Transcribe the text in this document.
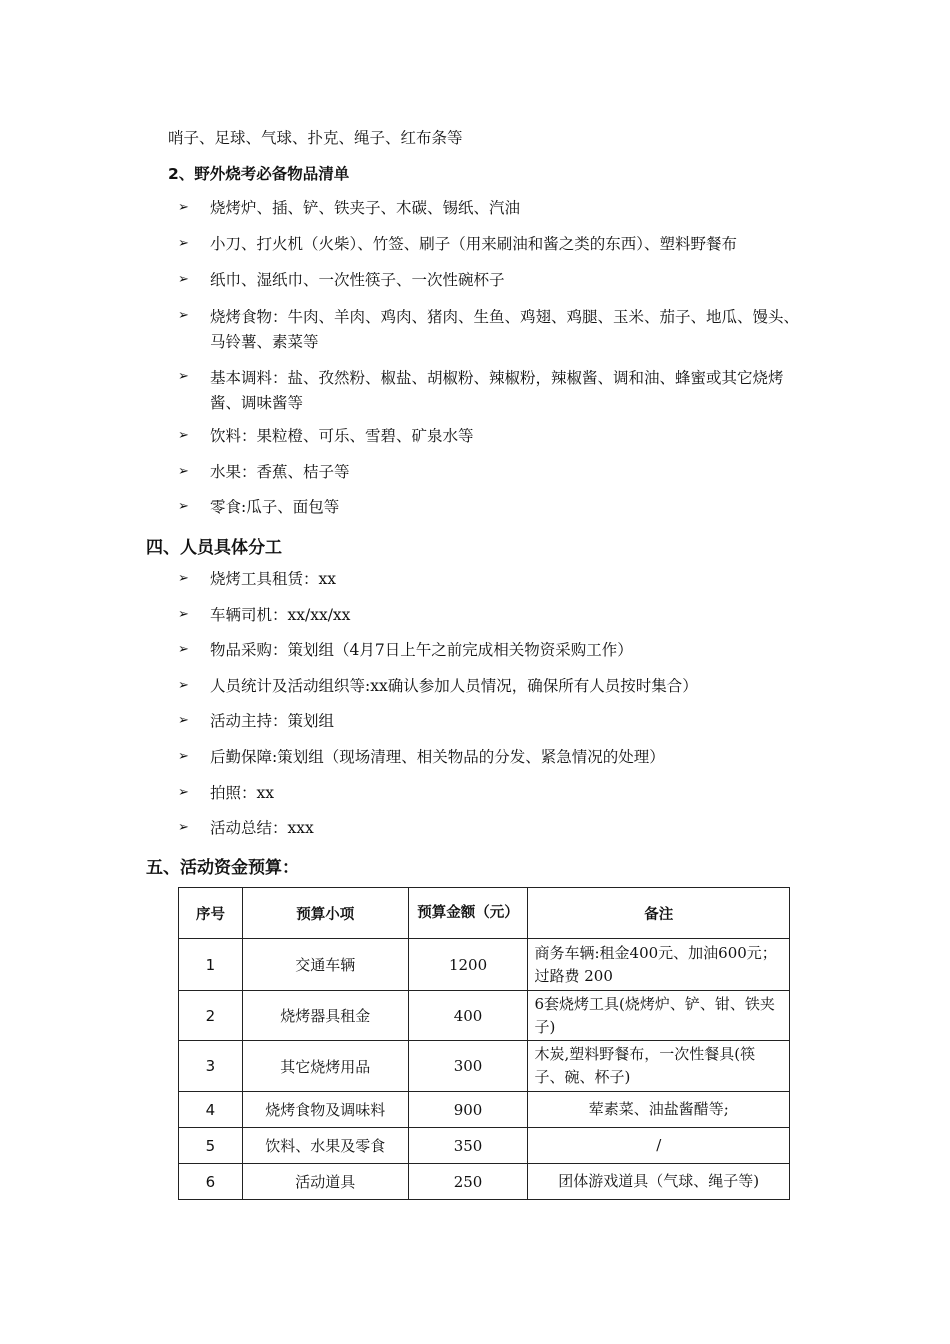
哨子、足球、气球、扑克、绳子、红布条等
2、野外烧考必备物品清单
➢	烧烤炉、插、铲、铁夹子、木碳、锡纸、汽油
➢	小刀、打火机（火柴）、竹签、刷子（用来刷油和酱之类的东西）、塑料野餐布
➢	纸巾、湿纸巾、一次性筷子、一次性碗杯子
➢	烧烤食物：牛肉、羊肉、鸡肉、猪肉、生鱼、鸡翅、鸡腿、玉米、茄子、地瓜、馒头、马铃薯、素菜等
➢	基本调料：盐、孜然粉、椒盐、胡椒粉、辣椒粉，辣椒酱、调和油、蜂蜜或其它烧烤酱、调味酱等
➢	饮料：果粒橙、可乐、雪碧、矿泉水等
➢	水果：香蕉、桔子等
➢	零食:瓜子、面包等
四、人员具体分工
➢	烧烤工具租赁：xx
➢	车辆司机：xx/xx/xx
➢	物品采购：策划组（4月7日上午之前完成相关物资采购工作）
➢	人员统计及活动组织等:xx确认参加人员情况，确保所有人员按时集合）
➢	活动主持：策划组
➢	后勤保障:策划组（现场清理、相关物品的分发、紧急情况的处理）
➢	拍照：xx
➢	活动总结：xxx
五、活动资金预算：
序号	预算小项	预算金额（元）	备注
1	交通车辆	1200	商务车辆:租金400元、加油600元；过路费 200
2	烧烤器具租金	400	6套烧烤工具(烧烤炉、铲、钳、铁夹子)
3	其它烧烤用品	300	木炭,塑料野餐布，一次性餐具(筷子、碗、杯子)
4	烧烤食物及调味料	900	荤素菜、油盐酱醋等;
5	饮料、水果及零食	350	/
6	活动道具	250	团体游戏道具（气球、绳子等)
